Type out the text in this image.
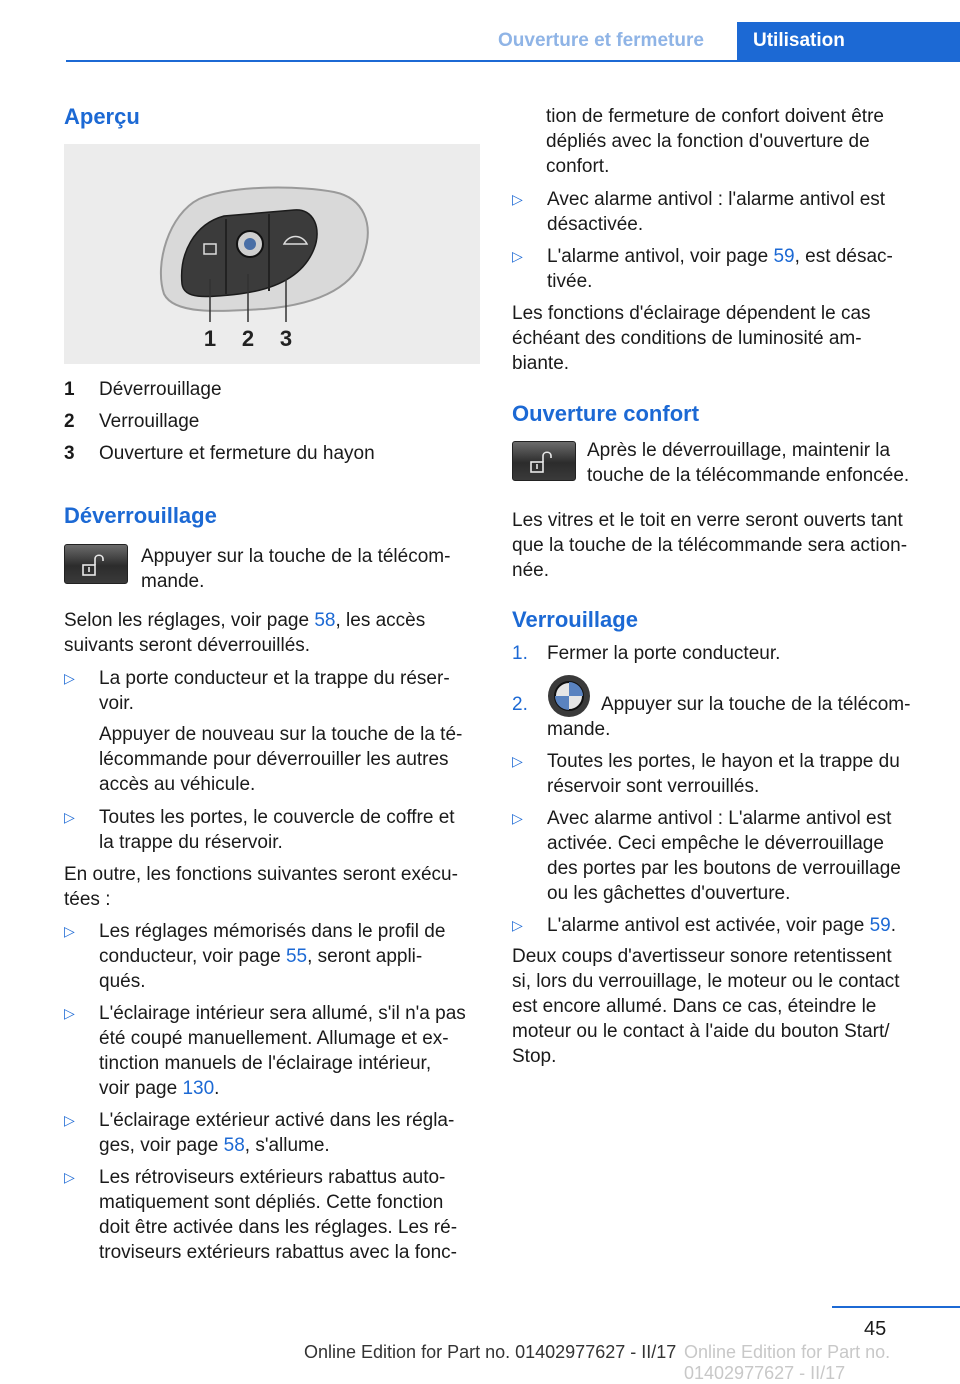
Ouverture et fermeture	Utilisation
Aperçu
1 2 3
1 Déverrouillage
2 Verrouillage
3 Ouverture et fermeture du hayon
Déverrouillage
Appuyer sur la touche de la télécom‐
mande.
Selon les réglages, voir page 58, les accès
suivants seront déverrouillés.
▷	La porte conducteur et la trappe du réser‐
voir.
Appuyer de nouveau sur la touche de la té‐
lécommande pour déverrouiller les autres
accès au véhicule.
▷	Toutes les portes, le couvercle de coffre et
la trappe du réservoir.
En outre, les fonctions suivantes seront exécu‐
tées :
▷	Les réglages mémorisés dans le profil de
conducteur, voir page 55, seront appli‐
qués.
▷	L'éclairage intérieur sera allumé, s'il n'a pas
été coupé manuellement. Allumage et ex‐
tinction manuels de l'éclairage intérieur,
voir page 130.
▷	L'éclairage extérieur activé dans les régla‐
ges, voir page 58, s'allume.
▷	Les rétroviseurs extérieurs rabattus auto‐
matiquement sont dépliés. Cette fonction
doit être activée dans les réglages. Les ré‐
troviseurs extérieurs rabattus avec la fonc‐
tion de fermeture de confort doivent être
dépliés avec la fonction d'ouverture de
confort.
▷	Avec alarme antivol : l'alarme antivol est
désactivée.
▷	L'alarme antivol, voir page 59, est désac‐
tivée.
Les fonctions d'éclairage dépendent le cas
échéant des conditions de luminosité am‐
biante.
Ouverture confort
Après le déverrouillage, maintenir la
touche de la télécommande enfoncée.
Les vitres et le toit en verre seront ouverts tant
que la touche de la télécommande sera action‐
née.
Verrouillage
1.	Fermer la porte conducteur.
2.	Appuyer sur la touche de la télécom‐
mande.
▷	Toutes les portes, le hayon et la trappe du
réservoir sont verrouillés.
▷	Avec alarme antivol : L'alarme antivol est
activée. Ceci empêche le déverrouillage
des portes par les boutons de verrouillage
ou les gâchettes d'ouverture.
▷	L'alarme antivol est activée, voir page 59.
Deux coups d'avertisseur sonore retentissent
si, lors du verrouillage, le moteur ou le contact
est encore allumé. Dans ce cas, éteindre le
moteur ou le contact à l'aide du bouton Start/
Stop.
45
Online Edition for Part no. 01402977627 - II/17 Online Edition for Part no. 01402977627 - II/17
